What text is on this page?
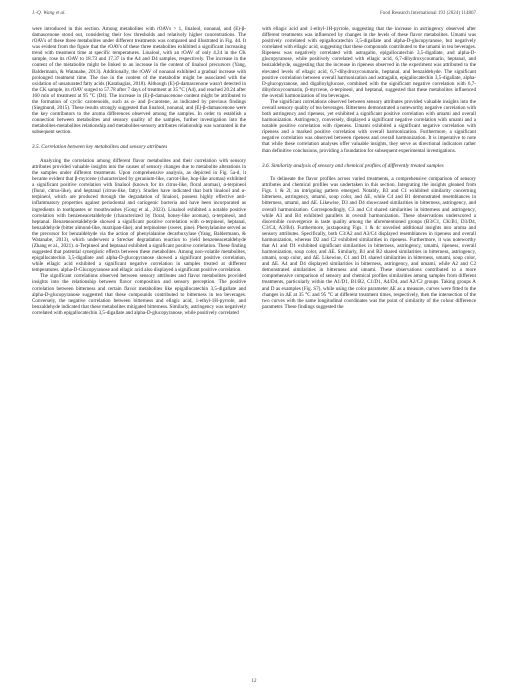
J.-Q. Wang et al.	Food Research International 193 (2024) 114867

were introduced in this section. Among metabolites with rOAVs > 1, linalool, nonanal, and (E)-β-damascenone stood out, considering their low thresholds and relatively higher concentrations. The rOAVs of these three metabolites under different treatments was compared and illustrated in Fig. 4d. It was evident from the figure that the rOAVs of these three metabolites exhibited a significant increasing trend with treatment time at specific temperatures. Linalool, with an rOAV of only 4.24 in the CK sample, rose its rOAV to 18.73 and 17.37 in the A4 and D4 samples, respectively. The increase in the content of the metabolite might be linked to an increase in the content of linalool precursors (Yang, Baldermann, & Watanabe, 2013). Additionally, the rOAV of nonanal exhibited a gradual increase with prolonged treatment time. The rise in the content of the metabolite might be associated with the oxidation of unsaturated fatty acids (Karabagias, 2018). Although (E)-β-damascenone wasn't detected in the CK sample, its rOAV surged to 57.78 after 7 days of treatment at 35 °C (A4), and reached 20.24 after 160 min of treatment at 95 °C (D4). The increase in (E)-β-damascenone content might be attributed to the formation of cyclic carotenoids, such as α- and β-carotene, as indicated by previous findings (Siegmund, 2015). These results strongly suggested that linalool, nonanal, and (E)-β-damascenone were the key contributors to the aroma differences observed among the samples. In order to establish a connection between metabolites and sensory quality of the samples, further investigation into the metabolites-metabolites relationship and metabolites-sensory attributes relationship was warranted in the subsequent section.

3.5. Correlation between key metabolites and sensory attributes

Analyzing the correlation among different flavor metabolites and their correlation with sensory attributes provided valuable insights into the causes of sensory changes due to metabolite alterations in the samples under different treatments. Upon comprehensive analysis, as depicted in Fig. 5a-d, it became evident that β-myrcene (characterized by geranium-like, carrot-like, hop-like aromas) exhibited a significant positive correlation with linalool (known for its citrus-like, floral aromas), α-terpineol (floral, citrus-like), and heptanal (citrus-like, fatty). Studies have indicated that both linalool and α-terpineol, which are produced through the degradation of linalool, possess highly effective anti-inflammatory properties against periodontal and cariogenic bacteria and have been incorporated as ingredients in toothpastes or mouthwashes (Gong et al., 2023). Linalool exhibited a notable positive correlation with benzeneacetaldehyde (characterized by floral, honey-like aromas), α-terpineol, and heptanal. Benzeneacetaldehyde showed a significant positive correlation with α-terpineol, heptanal, benzaldehyde (bitter almond-like, marzipan-like), and terpinolene (sweet, pine). Phenylalanine served as the precursor for benzaldehyde via the action of phenylalanine decarboxylase (Yang, Baldermann, & Watanabe, 2013), which underwent a Strecker degradation reaction to yield benzeneacetaldehyde (Zhang et al., 2021). α-Terpineol and heptanal exhibited a significant positive correlation. These finding suggested that potential synergistic effects between these metabolites. Among non-volatile metabolites, epigallocatechin 3,5-digallate and alpha-D-glucopyranose showed a significant positive correlation, while ellagic acid exhibited a significant negative correlation in samples treated at different temperatures. alpha-D-Glucopyranose and ellagic acid also displayed a significant positive correlation.

The significant correlations observed between sensory attributes and flavor metabolites provided insights into the relationship between flavor composition and sensory perception. The positive correlation between bitterness and certain flavor metabolites like epigallocatechin 3,5-digallate and alpha-D-glucopyranose suggested that these compounds contributed to bitterness in tea beverages. Conversely, the negative correlation between bitterness and ellagic acid, 1-ethyl-1H-pyrrole, and benzaldehyde indicated that these metabolites mitigated bitterness. Similarly, astringency was negatively correlated with epigallocatechin 3,5-digallate and alpha-D-glucopyranose, while positively correlated

with ellagic acid and 1-ethyl-1H-pyrrole, suggesting that the increase in astringency observed after different treatments was influenced by changes in the levels of these flavor metabolites. Umami was positively correlated with epigallocatechin 3,5-digallate and alpha-D-glucopyranose, but negatively correlated with ellagic acid, suggesting that these compounds contributed to the umami in tea beverages. Ripeness was negatively correlated with astragalin, epigallocatechin 3,5-digallate, and alpha-D-glucopyranose, while positively correlated with ellagic acid, 6,7-dihydroxycoumarin, heptanal, and benzaldehyde, suggesting that the increase in ripeness observed in the experiment was attributed to the elevated levels of ellagic acid, 6,7-dihydroxycoumarin, heptanal, and benzaldehyde. The significant positive correlation between overall harmonization and astragalin, epigallocatechin 3,5-digallate, alpha-D-glucopyranose, and digalloylglucose, combined with the significant negative correlation with 6,7-dihydroxycoumarin, β-myrcene, α-terpineol, and heptanal, suggested that these metabolites influenced the overall harmonization of tea beverages.

The significant correlations observed between sensory attributes provided valuable insights into the overall sensory quality of tea beverages. Bitterness demonstrated a noteworthy negative correlation with both astringency and ripeness, yet exhibited a significant positive correlation with umami and overall harmonization. Astringency, conversely, displayed a significant negative correlation with umami and a notable positive correlation with ripeness. Umami exhibited a significant negative correlation with ripeness and a marked positive correlation with overall harmonization. Furthermore, a significant negative correlation was observed between ripeness and overall harmonization. It is imperative to note that while these correlation analyses offer valuable insights, they serve as directional indicators rather than definitive conclusions, providing a foundation for subsequent experimental investigations.

3.6. Similarity analysis of sensory and chemical profiles of differently treated samples

To delineate the flavor profiles across varied treatments, a comprehensive comparison of sensory attributes and chemical profiles was undertaken in this section. Integrating the insights gleaned from Figs. 1 & 2l, an intriguing pattern emerged. Notably, B3 and C1 exhibited similarity concerning bitterness, astringency, umami, soup color, and ΔE, while C4 and B1 demonstrated resemblances in bitterness, umami, and ΔE. Likewise, D3 and D4 showcased similarities in bitterness, astringency, and overall harmonization. Correspondingly, C3 and C4 shared similarities in bitterness and astringency, while A3 and B4 exhibited parallels in overall harmonization. These observations underscored a discernible convergence in taste quality among the aforementioned groups (B3/C1, CK/B1, D3/D4, C3/C4, A3/B4). Furthermore, juxtaposing Figs. 1 & 4c unveiled additional insights into aroma and sensory attributes. Specifically, both C3/A2 and A3/C4 displayed resemblances in ripeness and overall harmonization, whereas D2 and C2 exhibited similarities in ripeness. Furthermore, it was noteworthy that A1 and D1 exhibited significant similarities in bitterness, astringency, umami, ripeness, overall harmonization, soup color, and ΔE. Similarly, B1 and B2 shared similarities in bitterness, astringency, umami, soup color, and ΔE. Likewise, C1 and D1 shared similarities in bitterness, umami, soup color, and ΔE. A4 and D4 displayed similarities in bitterness, astringency, and umami, while A2 and C2 demonstrated similarities in bitterness and umami. These observations contributed to a more comprehensive comparison of sensory and chemical profiles similarities among samples from different treatments, particularly within the A1/D1, B1/B2, C1/D1, A4/D4, and A2/C2 groups. Taking groups A and D as examples (Fig. S7), while using the color parameter ΔE as a measure, curves were fitted to the changes in ΔE at 35 °C and 95 °C at different treatment times, respectively, then the intersection of the two curves with the same longitudinal coordinates was the point of similarity of the colour difference parameter. These findings suggested the

12
